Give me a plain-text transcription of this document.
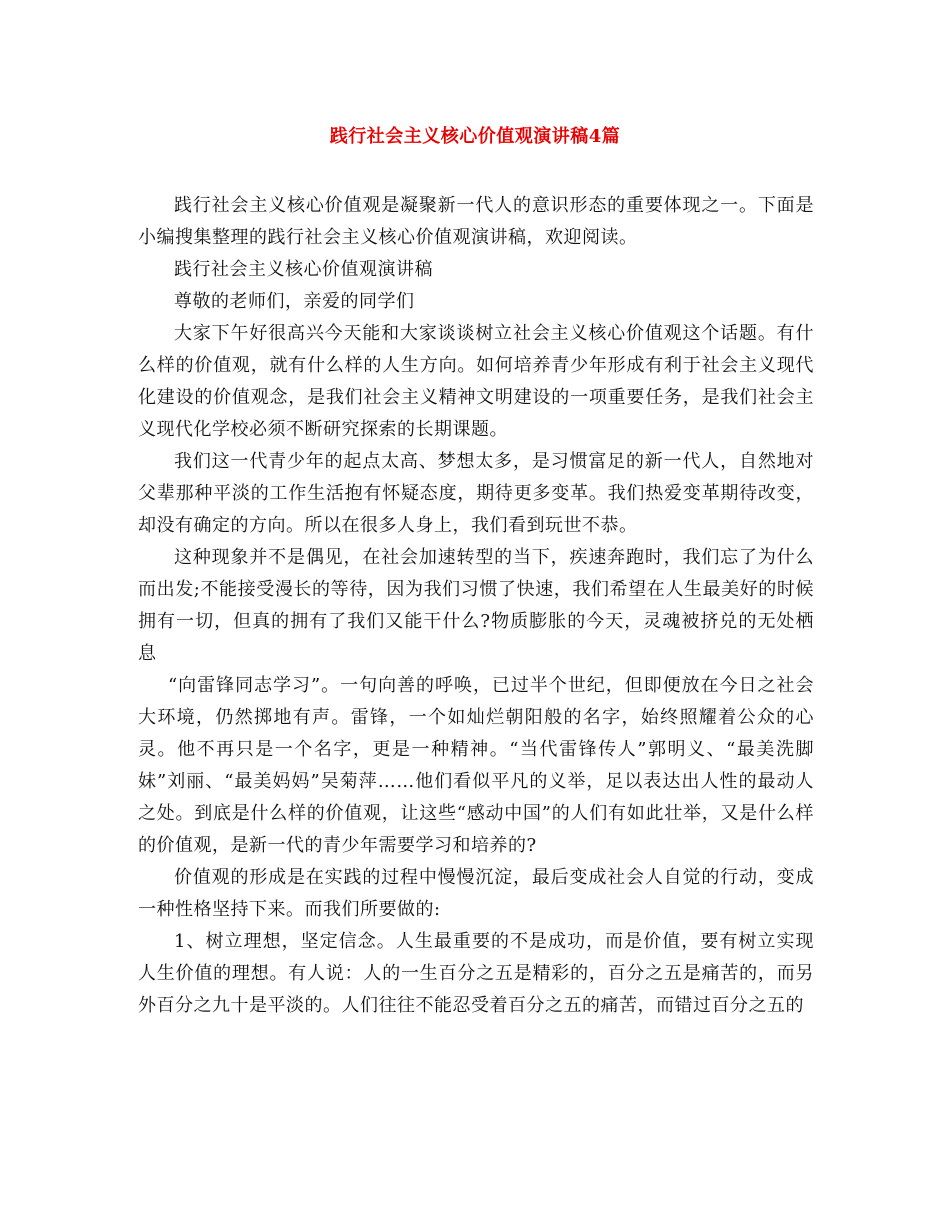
践行社会主义核心价值观演讲稿4篇

践行社会主义核心价值观是凝聚新一代人的意识形态的重要体现之一。下面是小编搜集整理的践行社会主义核心价值观演讲稿，欢迎阅读。

践行社会主义核心价值观演讲稿

尊敬的老师们，亲爱的同学们

大家下午好很高兴今天能和大家谈谈树立社会主义核心价值观这个话题。有什么样的价值观，就有什么样的人生方向。如何培养青少年形成有利于社会主义现代化建设的价值观念，是我们社会主义精神文明建设的一项重要任务，是我们社会主义现代化学校必须不断研究探索的长期课题。

我们这一代青少年的起点太高、梦想太多，是习惯富足的新一代人，自然地对父辈那种平淡的工作生活抱有怀疑态度，期待更多变革。我们热爱变革期待改变，却没有确定的方向。所以在很多人身上，我们看到玩世不恭。

这种现象并不是偶见，在社会加速转型的当下，疾速奔跑时，我们忘了为什么而出发;不能接受漫长的等待，因为我们习惯了快速，我们希望在人生最美好的时候拥有一切，但真的拥有了我们又能干什么?物质膨胀的今天，灵魂被挤兑的无处栖息

“向雷锋同志学习”。一句向善的呼唤，已过半个世纪，但即便放在今日之社会大环境，仍然掷地有声。雷锋，一个如灿烂朝阳般的名字，始终照耀着公众的心灵。他不再只是一个名字，更是一种精神。“当代雷锋传人”郭明义、“最美洗脚妹”刘丽、“最美妈妈”吴菊萍……他们看似平凡的义举，足以表达出人性的最动人之处。到底是什么样的价值观，让这些“感动中国”的人们有如此壮举，又是什么样的价值观，是新一代的青少年需要学习和培养的?

价值观的形成是在实践的过程中慢慢沉淀，最后变成社会人自觉的行动，变成一种性格坚持下来。而我们所要做的:

1、树立理想，坚定信念。人生最重要的不是成功，而是价值，要有树立实现人生价值的理想。有人说：人的一生百分之五是精彩的，百分之五是痛苦的，而另外百分之九十是平淡的。人们往往不能忍受着百分之五的痛苦，而错过百分之五的
